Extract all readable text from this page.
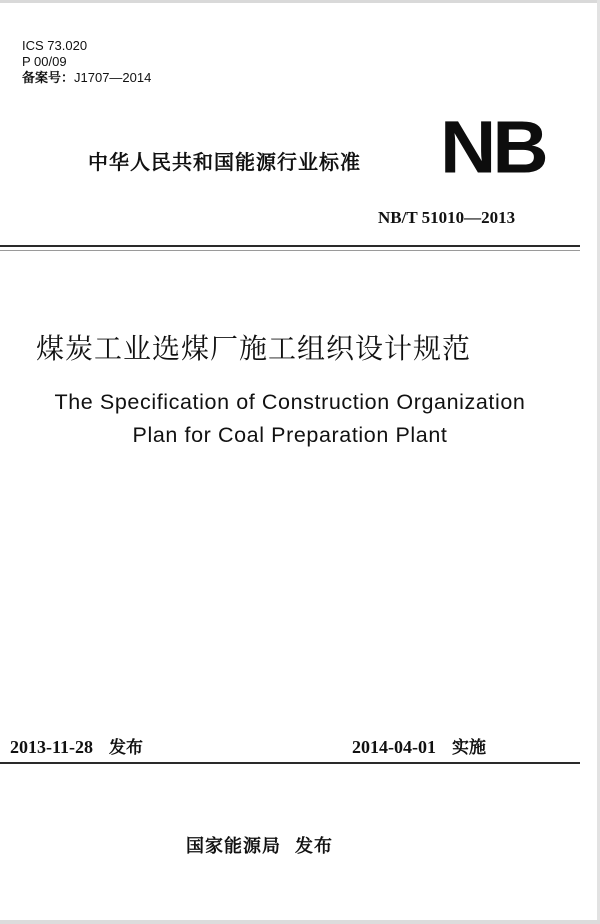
ICS 73.020
P 00/09
备案号：J1707—2014
中华人民共和国能源行业标准 NB
NB/T 51010—2013
煤炭工业选煤厂施工组织设计规范
The Specification of Construction Organization
Plan for Coal Preparation Plant
2013-11-28 发布	2014-04-01 实施
国家能源局 发布
